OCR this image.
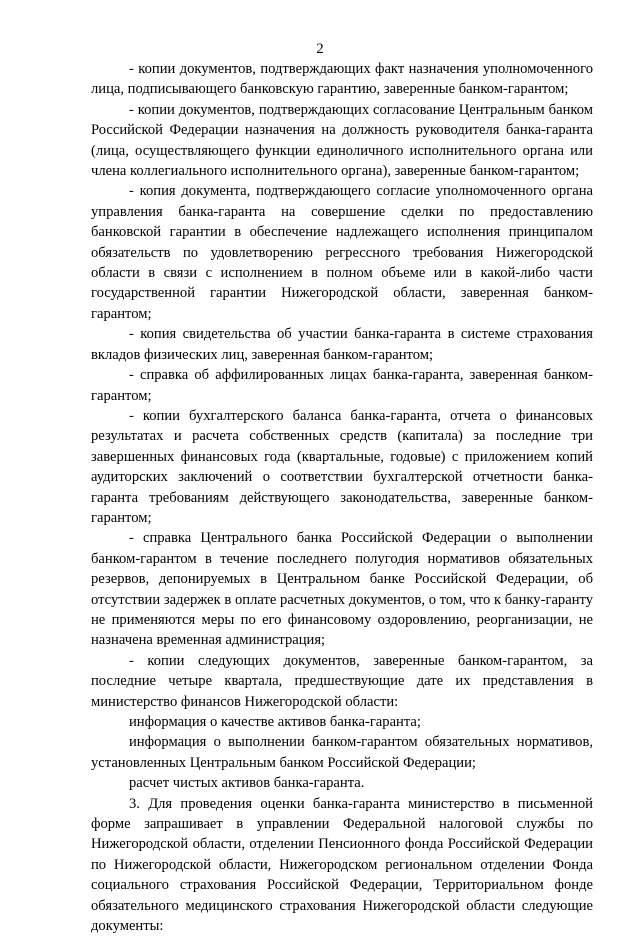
2

- копии документов, подтверждающих факт назначения уполномоченного лица, подписывающего банковскую гарантию, заверенные банком-гарантом;

- копии документов, подтверждающих согласование Центральным банком Российской Федерации назначения на должность руководителя банка-гаранта (лица, осуществляющего функции единоличного исполнительного органа или члена коллегиального исполнительного органа), заверенные банком-гарантом;

- копия документа, подтверждающего согласие уполномоченного органа управления банка-гаранта на совершение сделки по предоставлению банковской гарантии в обеспечение надлежащего исполнения принципалом обязательств по удовлетворению регрессного требования Нижегородской области в связи с исполнением в полном объеме или в какой-либо части государственной гарантии Нижегородской области, заверенная банком-гарантом;

- копия свидетельства об участии банка-гаранта в системе страхования вкладов физических лиц, заверенная банком-гарантом;

- справка об аффилированных лицах банка-гаранта, заверенная банком-гарантом;

- копии бухгалтерского баланса банка-гаранта, отчета о финансовых результатах и расчета собственных средств (капитала) за последние три завершенных финансовых года (квартальные, годовые) с приложением копий аудиторских заключений о соответствии бухгалтерской отчетности банка-гаранта требованиям действующего законодательства, заверенные банком-гарантом;

- справка Центрального банка Российской Федерации о выполнении банком-гарантом в течение последнего полугодия нормативов обязательных резервов, депонируемых в Центральном банке Российской Федерации, об отсутствии задержек в оплате расчетных документов, о том, что к банку-гаранту не применяются меры по его финансовому оздоровлению, реорганизации, не назначена временная администрация;

- копии следующих документов, заверенные банком-гарантом, за последние четыре квартала, предшествующие дате их представления в министерство финансов Нижегородской области:

информация о качестве активов банка-гаранта;

информация о выполнении банком-гарантом обязательных нормативов, установленных Центральным банком Российской Федерации;

расчет чистых активов банка-гаранта.

3. Для проведения оценки банка-гаранта министерство в письменной форме запрашивает в управлении Федеральной налоговой службы по Нижегородской области, отделении Пенсионного фонда Российской Федерации по Нижегородской области, Нижегородском региональном отделении Фонда социального страхования Российской Федерации, Территориальном фонде обязательного медицинского страхования Нижегородской области следующие документы:
